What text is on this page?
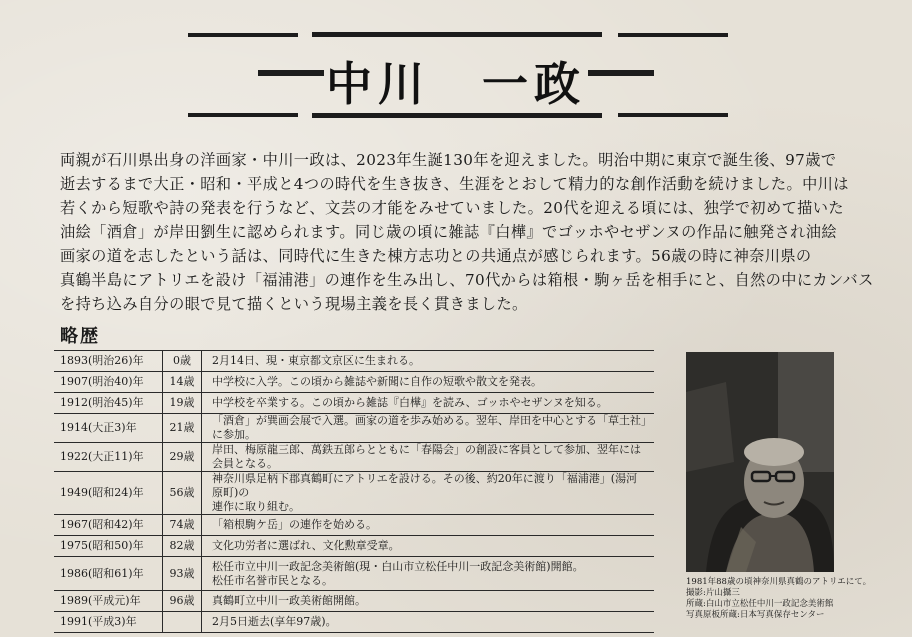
中川　一政

両親が石川県出身の洋画家・中川一政は、2023年生誕130年を迎えました。明治中期に東京で誕生後、97歳で
逝去するまで大正・昭和・平成と4つの時代を生き抜き、生涯をとおして精力的な創作活動を続けました。中川は
若くから短歌や詩の発表を行うなど、文芸の才能をみせていました。20代を迎える頃には、独学で初めて描いた
油絵「酒倉」が岸田劉生に認められます。同じ歳の頃に雑誌『白樺』でゴッホやセザンヌの作品に触発され油絵
画家の道を志したという話は、同時代に生きた棟方志功との共通点が感じられます。56歳の時に神奈川県の
真鶴半島にアトリエを設け「福浦港」の連作を生み出し、70代からは箱根・駒ヶ岳を相手にと、自然の中にカンバス
を持ち込み自分の眼で見て描くという現場主義を長く貫きました。

略歴
1893(明治26)年	0歳	2月14日、現・東京都文京区に生まれる。

1907(明治40)年	14歳	中学校に入学。この頃から雑誌や新聞に自作の短歌や散文を発表。

1912(明治45)年	19歳	中学校を卒業する。この頃から雑誌『白樺』を読み、ゴッホやセザンヌを知る。

1914(大正3)年	21歳	「酒倉」が巽画会展で入選。画家の道を歩み始める。翌年、岸田を中心とする「草土社」に参加。

1922(大正11)年	29歳	岸田、梅原龍三郎、萬鉄五郎らとともに「春陽会」の創設に客員として参加、翌年には会員となる。

1949(昭和24)年	56歳	神奈川県足柄下郡真鶴町にアトリエを設ける。その後、約20年に渡り「福浦港」(湯河原町)の
連作に取り組む。

1967(昭和42)年	74歳	「箱根駒ケ岳」の連作を始める。

1975(昭和50)年	82歳	文化功労者に選ばれ、文化勲章受章。

1986(昭和61)年	93歳	松任市立中川一政記念美術館(現・白山市立松任中川一政記念美術館)開館。
松任市名誉市民となる。

1989(平成元)年	96歳	真鶴町立中川一政美術館開館。

1991(平成3)年		2月5日逝去(享年97歳)。

1981年88歳の頃神奈川県真鶴のアトリエにて。
撮影:片山攝三
所蔵:白山市立松任中川一政記念美術館
写真原板所蔵:日本写真保存センター
